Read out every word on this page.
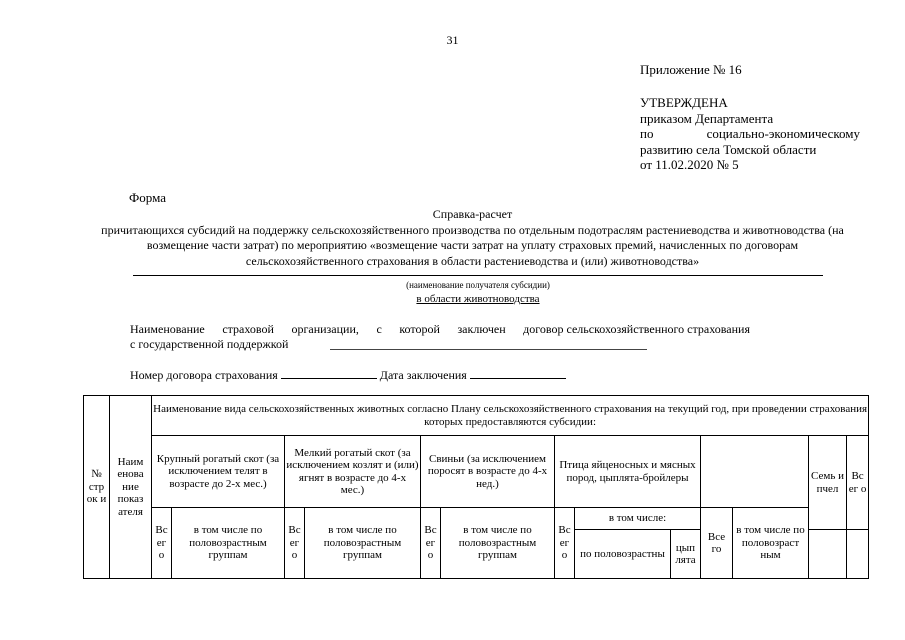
31
Приложение № 16
УТВЕРЖДЕНА
приказом Департамента
по	социально-экономическому
развитию села Томской области
от 11.02.2020 № 5
Форма
Справка-расчет
причитающихся субсидий на поддержку сельскохозяйственного производства по отдельным подотраслям растениеводства и животноводства (на возмещение части затрат) по мероприятию «возмещение части затрат на уплату страховых премий, начисленных по договорам сельскохозяйственного страхования в области растениеводства и (или) животноводства»
(наименование получателя субсидии)
в области животноводства
Наименование страховой организации, с которой заключен договор сельскохозяйственного страхования
с государственной поддержкой
Номер договора страхования	Дата заключения
№ стр ок и	Наим енова ние показ ателя	Наименование вида сельскохозяйственных животных согласно Плану сельскохозяйственного страхования на текущий год, при проведении страхования которых предоставляются субсидии:												
		Крупный рогатый скот (за исключением телят в возрасте до 2-х мес.)		Мелкий рогатый скот (за исключением козлят и (или) ягнят в возрасте до 4-х мес.)		Свиньи (за исключением поросят в возрасте до 4-х нед.)		Птица яйценосных и мясных пород, цыплята-бройлеры					Семь и пчел	Вс ег о
		Вс ег о	в том числе по половозрастным группам	Вс ег о	в том числе по половозрастным группам	Вс ег о	в том числе по половозрастным группам	Вс ег о	в том числе:		Все го	в том числе по половозраст ным		
									по половозрастны	цып лята				
